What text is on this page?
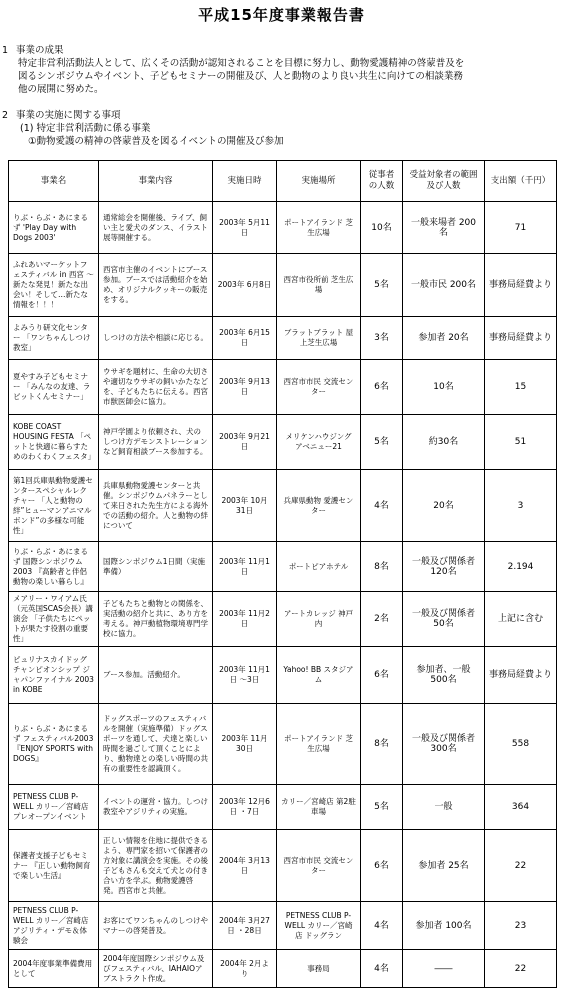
平成15年度事業報告書
1 事業の成果
特定非営利活動法人として、広くその活動が認知されることを目標に努力し、動物愛護精神の啓蒙普及を
図るシンポジウムやイベント、子どもセミナーの開催及び、人と動物のより良い共生に向けての相談業務
他の展開に努めた。
2 事業の実施に関する事項
(1) 特定非営利活動に係る事業
①動物愛護の精神の啓蒙普及を図るイベントの開催及び参加
事業名	事業内容	実施日時	実施場所	従事者の人数	受益対象者の範囲及び人数	支出額（千円）
りぶ・らぶ・あにまるず 'Play Day with Dogs 2003'	通常総会を開催後、ライブ、飼い主と愛犬のダンス、イラスト展等開催する。	2003年 5月11日	ポートアイランド 芝生広場	10名	一般来場者 200名	71
ふれあいマーケットフェスティバル in 西宮 ～新たな発見！新たな出会い！そして…新たな情報を！！！	西宮市主催のイベントにブース参加。ブースでは活動紹介を始め、オリジナルクッキーの販売をする。	2003年 6月8日	西宮市役所前 芝生広場	5名	一般市民 200名	事務局経費より
よみうり研文化センター 「ワンちゃんしつけ教室」	しつけの方法や相談に応じる。	2003年 6月15日	ブラットブラット 屋上芝生広場	3名	参加者 20名	事務局経費より
夏やすみ子どもセミナー 「みんなの友達、ラビットくんセミナー」	ウサギを題材に、生命の大切さや適切なウサギの飼いかたなどを、子どもたちに伝える。西宮市獣医師会に協力。	2003年 9月13日	西宮市市民 交流センター	6名	10名	15
KOBE COAST HOUSING FESTA 「ペットと快適に暮らすためのわくわくフェスタ」	神戸学園より依頼され、犬のしつけ方デモンストレーションなど飼育相談ブース参加する。	2003年 9月21日	メリケンハウジング アベニュー21	5名	約30名	51
第1回兵庫県動物愛護センタースペシャルレクチャー 「人と動物の絆”ヒューマンアニマルボンド”の多様な可能性」	兵庫県動物愛護センターと共催。シンポジウムパネラーとして来日された先生方による海外での活動の紹介。人と動物の絆について	2003年 10月31日	兵庫県動物 愛護センター	4名	20名	3
りぶ・らぶ・あにまるず 国際シンポジウム2003 『高齢者と伴侶動物の楽しい暮らし』	国際シンポジウム1日間（実施準備）	2003年 11月1日	ポートピアホテル	8名	一般及び関係者 120名	2.194
メアリー・ワイアム氏（元英国SCAS会長）講演会 「子供たちにペットが果たす役割の重要性」	子どもたちと動物との関係を、実活動の紹介と共に、あり方を考える。神戸動植物環境専門学校に協力。	2003年 11月2日	アートカレッジ 神戸 内	2名	一般及び関係者 50名	上記に含む
ピュリナスカイドッグ チャンピオンシップ ジャパンファイナル 2003 in KOBE	ブース参加。活動紹介。	2003年 11月1日 ～3日	Yahoo! BB スタジアム	6名	参加者、一般 500名	事務局経費より
りぶ・らぶ・あにまるず フェスティバル2003 『ENJOY SPORTS with DOGS』	ドッグスポーツのフェスティバルを開催（実施準備）ドッグスポーツを通して、犬達と楽しい時間を過ごして頂くことにより、動物達との楽しい時間の共有の重要性を認識頂く。	2003年 11月30日	ポートアイランド 芝生広場	8名	一般及び関係者 300名	558
PETNESS CLUB P-WELL カリー／宮崎店 プレオープンイベント	イベントの運営・協力。しつけ教室やアジリティの実施。	2003年 12月6日 ・7日	カリー／宮崎店 第2駐車場	5名	一般	364
保護者支援子どもセミナー 『正しい動物飼育で楽しい生活』	正しい情報を住地に提供できるよう、専門家を招いて保護者の方対象に講演会を実施。その後子どもさんも交えて犬との付き合い方を学ぶ。動物愛護啓発。西宮市と共催。	2004年 3月13日	西宮市市民 交流センター	6名	参加者 25名	22
PETNESS CLUB P-WELL カリー／宮崎店 アジリティ・デモ＆体験会	お客にてワンちゃんのしつけやマナーの啓発普及。	2004年 3月27日 ・28日	PETNESS CLUB P-WELL カリー／宮崎店 ドッグラン	4名	参加者 100名	23
2004年度事業準備費用として	2004年度国際シンポジウム及びフェスティバル、IAHAIOアブストラクト作成。	2004年 2月より	事務局	4名	――	22
